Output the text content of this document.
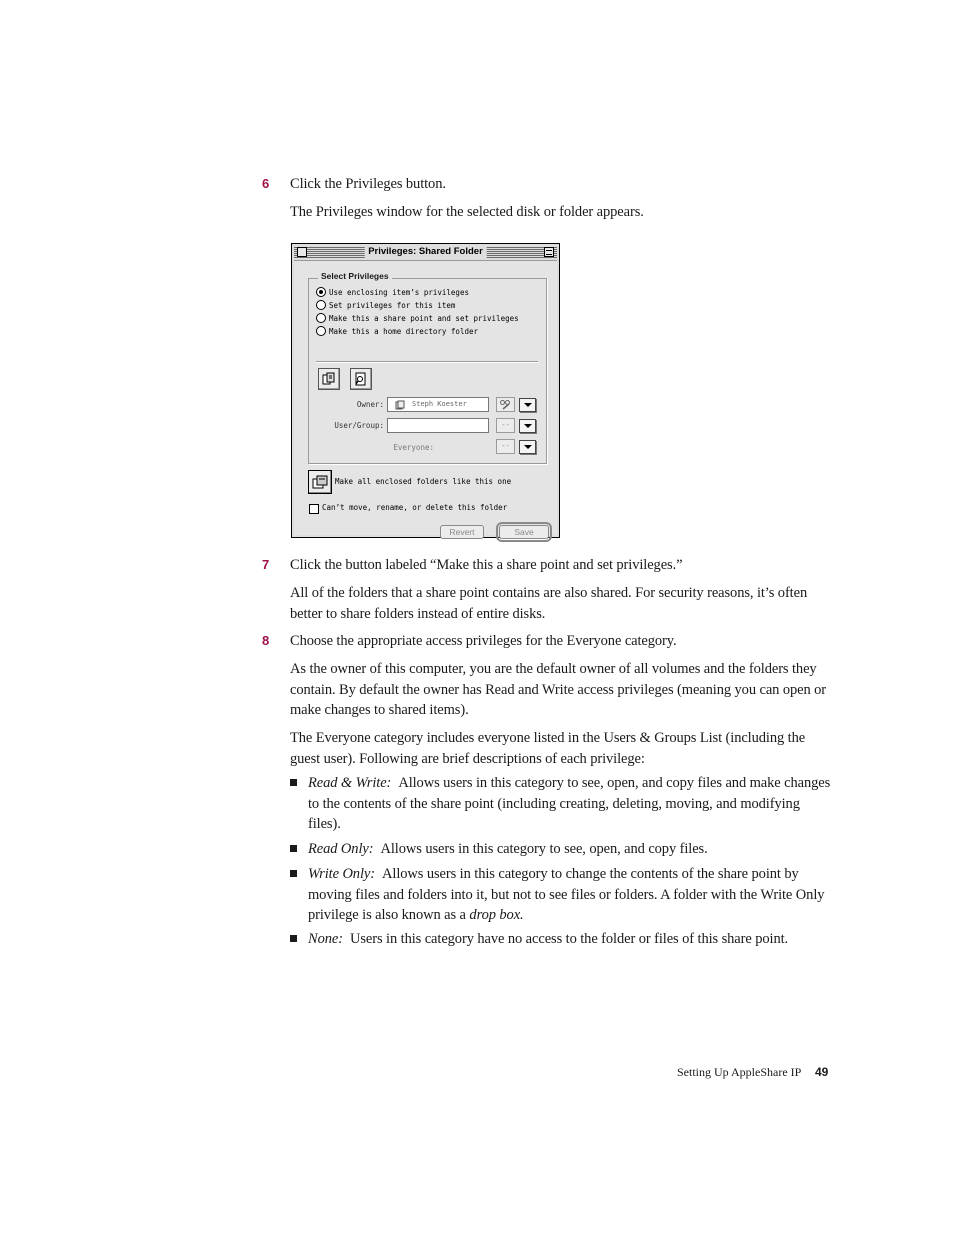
6	Click the Privileges button.
The Privileges window for the selected disk or folder appears.
Privileges: Shared Folder
Select Privileges
Use enclosing item’s privileges
Set privileges for this item
Make this a share point and set privileges
Make this a home directory folder
Owner:	Steph Koester
User/Group:	--
Everyone:	--
Make all enclosed folders like this one
Can’t move, rename, or delete this folder
Revert	Save
7	Click the button labeled “Make this a share point and set privileges.”
All of the folders that a share point contains are also shared. For security reasons, it’s often better to share folders instead of entire disks.
8	Choose the appropriate access privileges for the Everyone category.
As the owner of this computer, you are the default owner of all volumes and the folders they contain. By default the owner has Read and Write access privileges (meaning you can open or make changes to shared items).
The Everyone category includes everyone listed in the Users & Groups List (including the guest user). Following are brief descriptions of each privilege:
Read & Write: Allows users in this category to see, open, and copy files and make changes to the contents of the share point (including creating, deleting, moving, and modifying files).
Read Only: Allows users in this category to see, open, and copy files.
Write Only: Allows users in this category to change the contents of the share point by moving files and folders into it, but not to see files or folders. A folder with the Write Only privilege is also known as a drop box.
None: Users in this category have no access to the folder or files of this share point.
Setting Up AppleShare IP 49
